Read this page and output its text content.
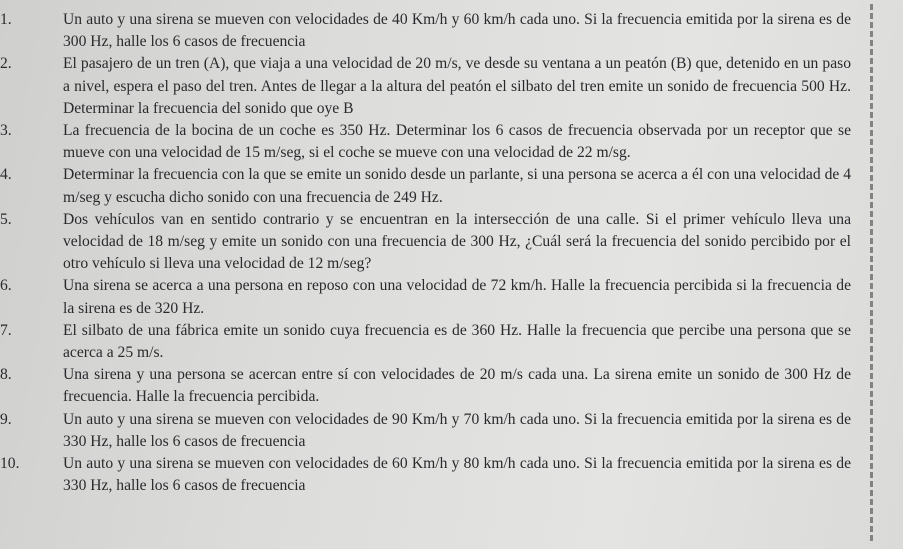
1.	Un auto y una sirena se mueven con velocidades de 40 Km/h y 60 km/h cada uno. Si la frecuencia emitida por la sirena es de 300 Hz, halle los 6 casos de frecuencia
2.	El pasajero de un tren (A), que viaja a una velocidad de 20 m/s, ve desde su ventana a un peatón (B) que, detenido en un paso a nivel, espera el paso del tren. Antes de llegar a la altura del peatón el silbato del tren emite un sonido de frecuencia 500 Hz. Determinar la frecuencia del sonido que oye B
3.	La frecuencia de la bocina de un coche es 350 Hz. Determinar los 6 casos de frecuencia observada por un receptor que se mueve con una velocidad de 15 m/seg, si el coche se mueve con una velocidad de 22 m/sg.
4.	Determinar la frecuencia con la que se emite un sonido desde un parlante, si una persona se acerca a él con una velocidad de 4 m/seg y escucha dicho sonido con una frecuencia de 249 Hz.
5.	Dos vehículos van en sentido contrario y se encuentran en la intersección de una calle. Si el primer vehículo lleva una velocidad de 18 m/seg y emite un sonido con una frecuencia de 300 Hz, ¿Cuál será la frecuencia del sonido percibido por el otro vehículo si lleva una velocidad de 12 m/seg?
6.	Una sirena se acerca a una persona en reposo con una velocidad de 72 km/h. Halle la frecuencia percibida si la frecuencia de la sirena es de 320 Hz.
7.	El silbato de una fábrica emite un sonido cuya frecuencia es de 360 Hz. Halle la frecuencia que percibe una persona que se acerca a 25 m/s.
8.	Una sirena y una persona se acercan entre sí con velocidades de 20 m/s cada una. La sirena emite un sonido de 300 Hz de frecuencia. Halle la frecuencia percibida.
9.	Un auto y una sirena se mueven con velocidades de 90 Km/h y 70 km/h cada uno. Si la frecuencia emitida por la sirena es de 330 Hz, halle los 6 casos de frecuencia
10.	Un auto y una sirena se mueven con velocidades de 60 Km/h y 80 km/h cada uno. Si la frecuencia emitida por la sirena es de 330 Hz, halle los 6 casos de frecuencia
